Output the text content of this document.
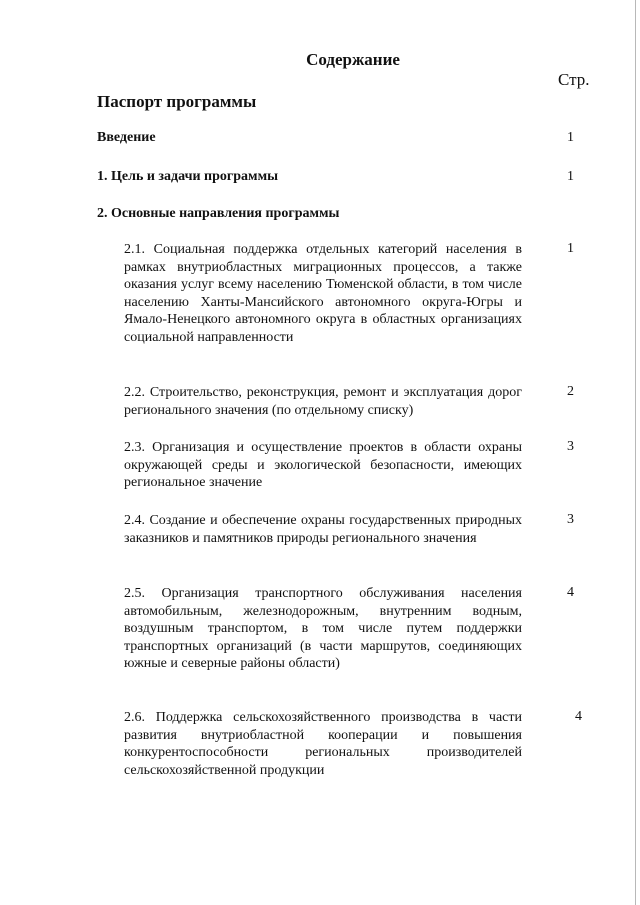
Содержание
Стр.
Паспорт программы
Введение	1
1. Цель и задачи программы	1
2. Основные направления программы
2.1. Социальная поддержка отдельных категорий населения в рамках внутриобластных миграционных процессов, а также оказания услуг всему населению Тюменской области, в том числе населению Ханты-Мансийского автономного округа-Югры и Ямало-Ненецкого автономного округа в областных организациях социальной направленности
1
2.2. Строительство, реконструкция, ремонт и эксплуатация дорог регионального значения (по отдельному списку)
2
2.3. Организация и осуществление проектов в области охраны окружающей среды и экологической безопасности, имеющих региональное значение
3
2.4. Создание и обеспечение охраны государственных природных заказников и памятников природы регионального значения
3
2.5. Организация транспортного обслуживания населения автомобильным, железнодорожным, внутренним водным, воздушным транспортом, в том числе путем поддержки транспортных организаций (в части маршрутов, соединяющих южные и северные районы области)
4
2.6. Поддержка сельскохозяйственного производства в части развития внутриобластной кооперации и повышения конкурентоспособности региональных производителей сельскохозяйственной продукции
4
